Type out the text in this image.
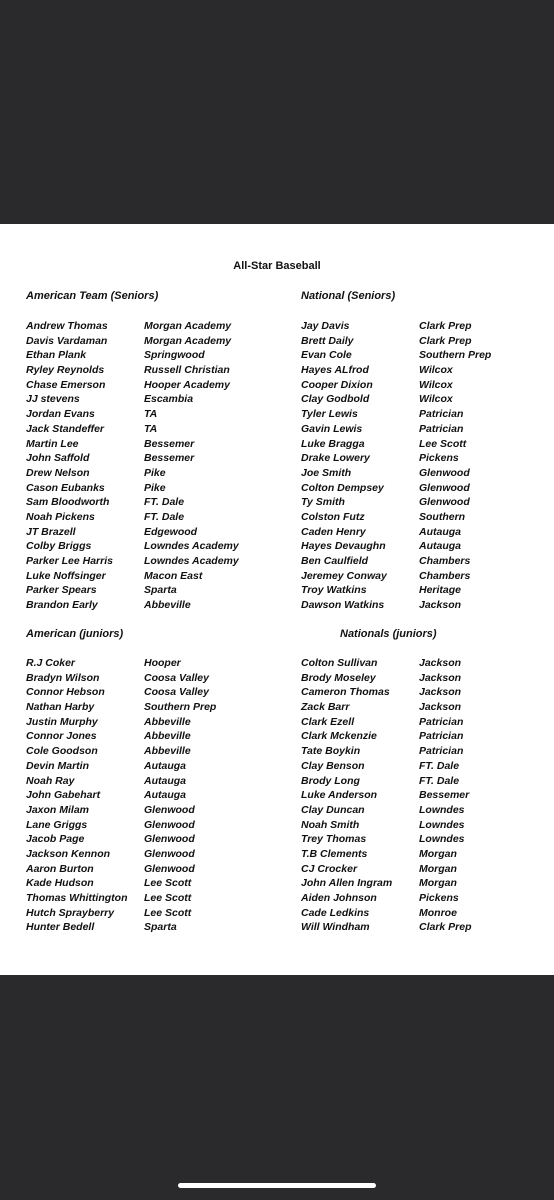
All-Star Baseball
American Team (Seniors)
Andrew Thomas
Davis Vardaman
Ethan Plank
Ryley Reynolds
Chase Emerson
JJ stevens
Jordan Evans
Jack Standeffer
Martin Lee
John Saffold
Drew Nelson
Cason Eubanks
Sam Bloodworth
Noah Pickens
JT Brazell
Colby Briggs
Parker Lee Harris
Luke Noffsinger
Parker Spears
Brandon Early
Morgan Academy
Morgan Academy
Springwood
Russell Christian
Hooper Academy
Escambia
TA
TA
Bessemer
Bessemer
Pike
Pike
FT. Dale
FT. Dale
Edgewood
Lowndes Academy
Lowndes Academy
Macon East
Sparta
Abbeville
National (Seniors)
Jay Davis
Brett Daily
Evan Cole
Hayes ALfrod
Cooper Dixion
Clay Godbold
Tyler Lewis
Gavin Lewis
Luke Bragga
Drake Lowery
Joe Smith
Colton Dempsey
Ty Smith
Colston Futz
Caden Henry
Hayes Devaughn
Ben Caulfield
Jeremey Conway
Troy Watkins
Dawson Watkins
Clark Prep
Clark Prep
Southern Prep
Wilcox
Wilcox
Wilcox
Patrician
Patrician
Lee Scott
Pickens
Glenwood
Glenwood
Glenwood
Southern
Autauga
Autauga
Chambers
Chambers
Heritage
Jackson
American (juniors)
R.J Coker
Bradyn Wilson
Connor Hebson
Nathan Harby
Justin Murphy
Connor Jones
Cole Goodson
Devin Martin
Noah Ray
John Gabehart
Jaxon Milam
Lane Griggs
Jacob Page
Jackson Kennon
Aaron Burton
Kade Hudson
Thomas Whittington
Hutch Sprayberry
Hunter Bedell
Hooper
Coosa Valley
Coosa Valley
Southern Prep
Abbeville
Abbeville
Abbeville
Autauga
Autauga
Autauga
Glenwood
Glenwood
Glenwood
Glenwood
Glenwood
Lee Scott
Lee Scott
Lee Scott
Sparta
Nationals (juniors)
Colton Sullivan
Brody Moseley
Cameron Thomas
Zack Barr
Clark Ezell
Clark Mckenzie
Tate Boykin
Clay Benson
Brody Long
Luke Anderson
Clay Duncan
Noah Smith
Trey Thomas
T.B Clements
CJ Crocker
John Allen Ingram
Aiden Johnson
Cade Ledkins
Will Windham
Jackson
Jackson
Jackson
Jackson
Patrician
Patrician
Patrician
FT. Dale
FT. Dale
Bessemer
Lowndes
Lowndes
Lowndes
Morgan
Morgan
Morgan
Pickens
Monroe
Clark Prep
